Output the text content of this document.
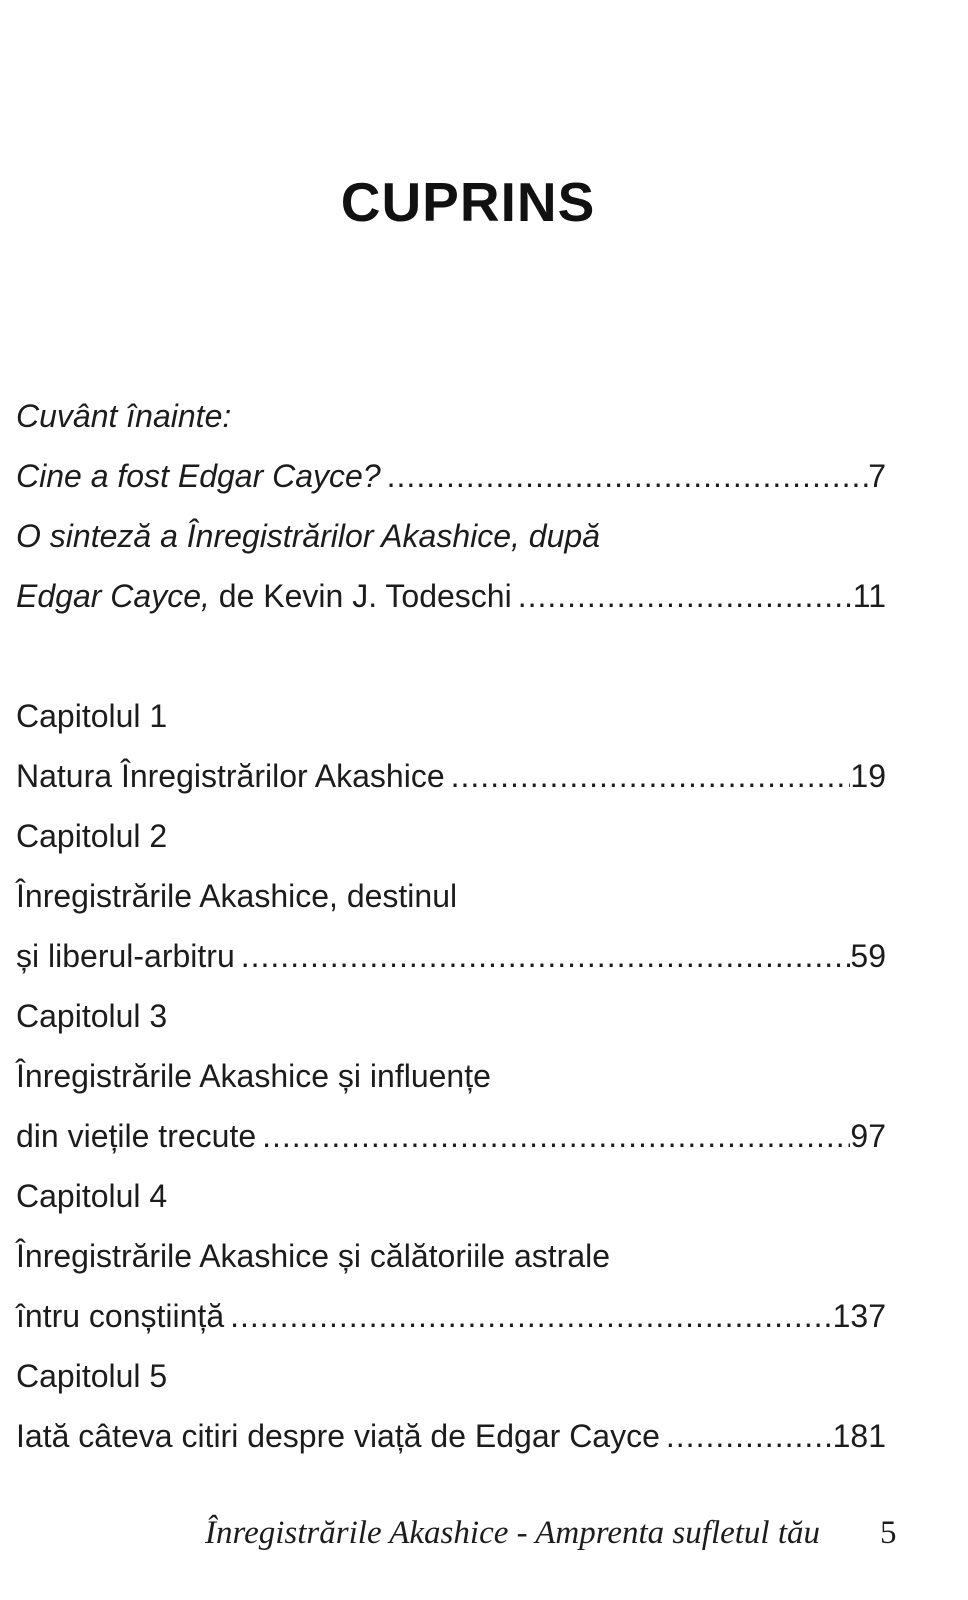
CUPRINS
Cuvânt înainte:
Cine a fost Edgar Cayce? .....	7
O sinteză a Înregistrărilor Akashice, după
Edgar Cayce, de Kevin J. Todeschi .....	11
Capitolul 1
Natura Înregistrărilor Akashice .....	19
Capitolul 2
Înregistrările Akashice, destinul
și liberul-arbitru .....	59
Capitolul 3
Înregistrările Akashice și influențe
din viețile trecute .....	97
Capitolul 4
Înregistrările Akashice și călătoriile astrale
întru conștiință .....	137
Capitolul 5
Iată câteva citiri despre viață de Edgar Cayce .....	181
Înregistrările Akashice - Amprenta sufletul tău 5
